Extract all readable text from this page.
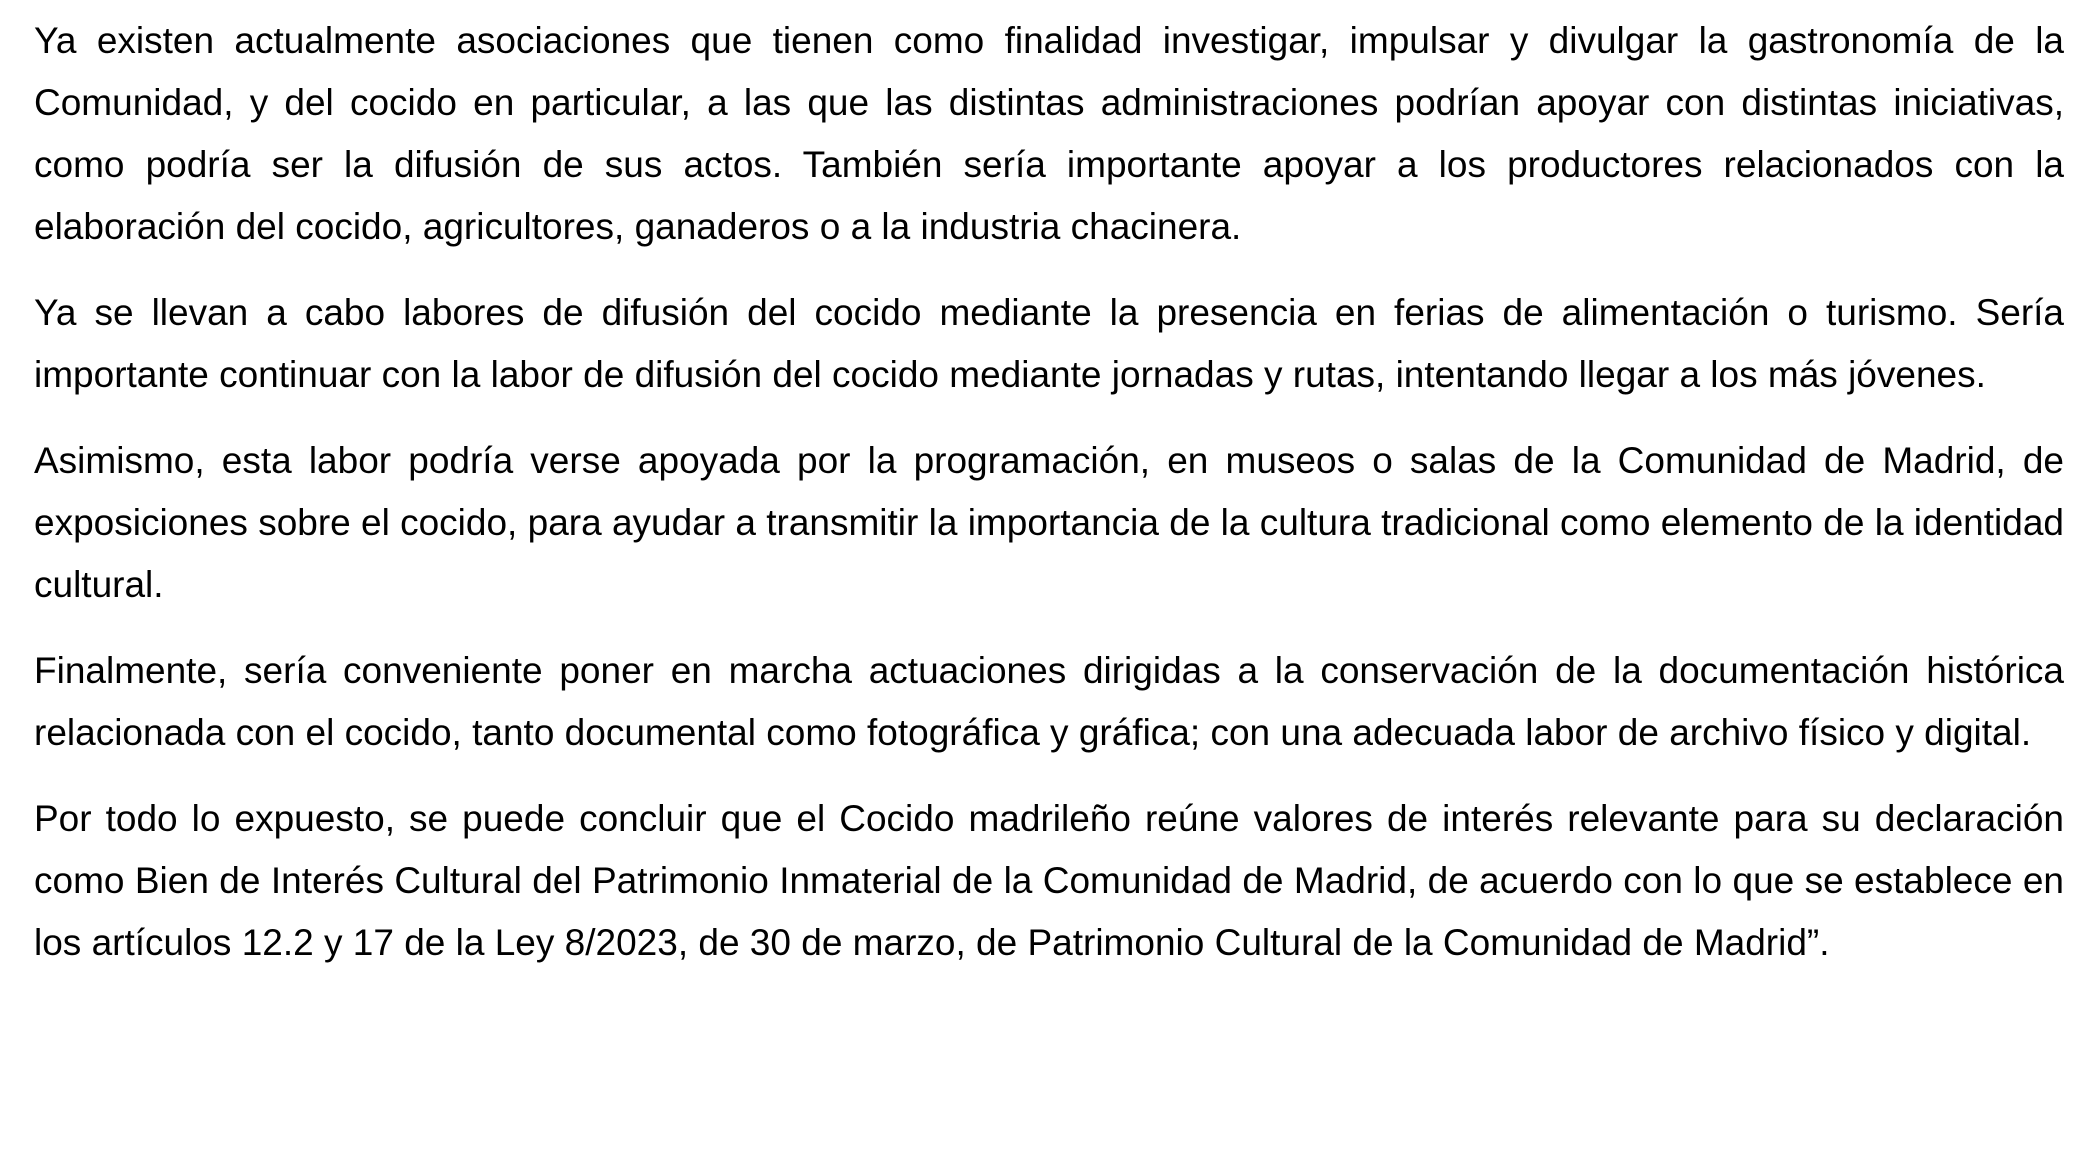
Ya existen actualmente asociaciones que tienen como finalidad investigar, impulsar y divulgar la gastronomía de la Comunidad, y del cocido en particular, a las que las distintas administraciones podrían apoyar con distintas iniciativas, como podría ser la difusión de sus actos. También sería importante apoyar a los productores relacionados con la elaboración del cocido, agricultores, ganaderos o a la industria chacinera.

Ya se llevan a cabo labores de difusión del cocido mediante la presencia en ferias de alimentación o turismo. Sería importante continuar con la labor de difusión del cocido mediante jornadas y rutas, intentando llegar a los más jóvenes.

Asimismo, esta labor podría verse apoyada por la programación, en museos o salas de la Comunidad de Madrid, de exposiciones sobre el cocido, para ayudar a transmitir la importancia de la cultura tradicional como elemento de la identidad cultural.

Finalmente, sería conveniente poner en marcha actuaciones dirigidas a la conservación de la documentación histórica relacionada con el cocido, tanto documental como fotográfica y gráfica; con una adecuada labor de archivo físico y digital.

Por todo lo expuesto, se puede concluir que el Cocido madrileño reúne valores de interés relevante para su declaración como Bien de Interés Cultural del Patrimonio Inmaterial de la Comunidad de Madrid, de acuerdo con lo que se establece en los artículos 12.2 y 17 de la Ley 8/2023, de 30 de marzo, de Patrimonio Cultural de la Comunidad de Madrid”.
